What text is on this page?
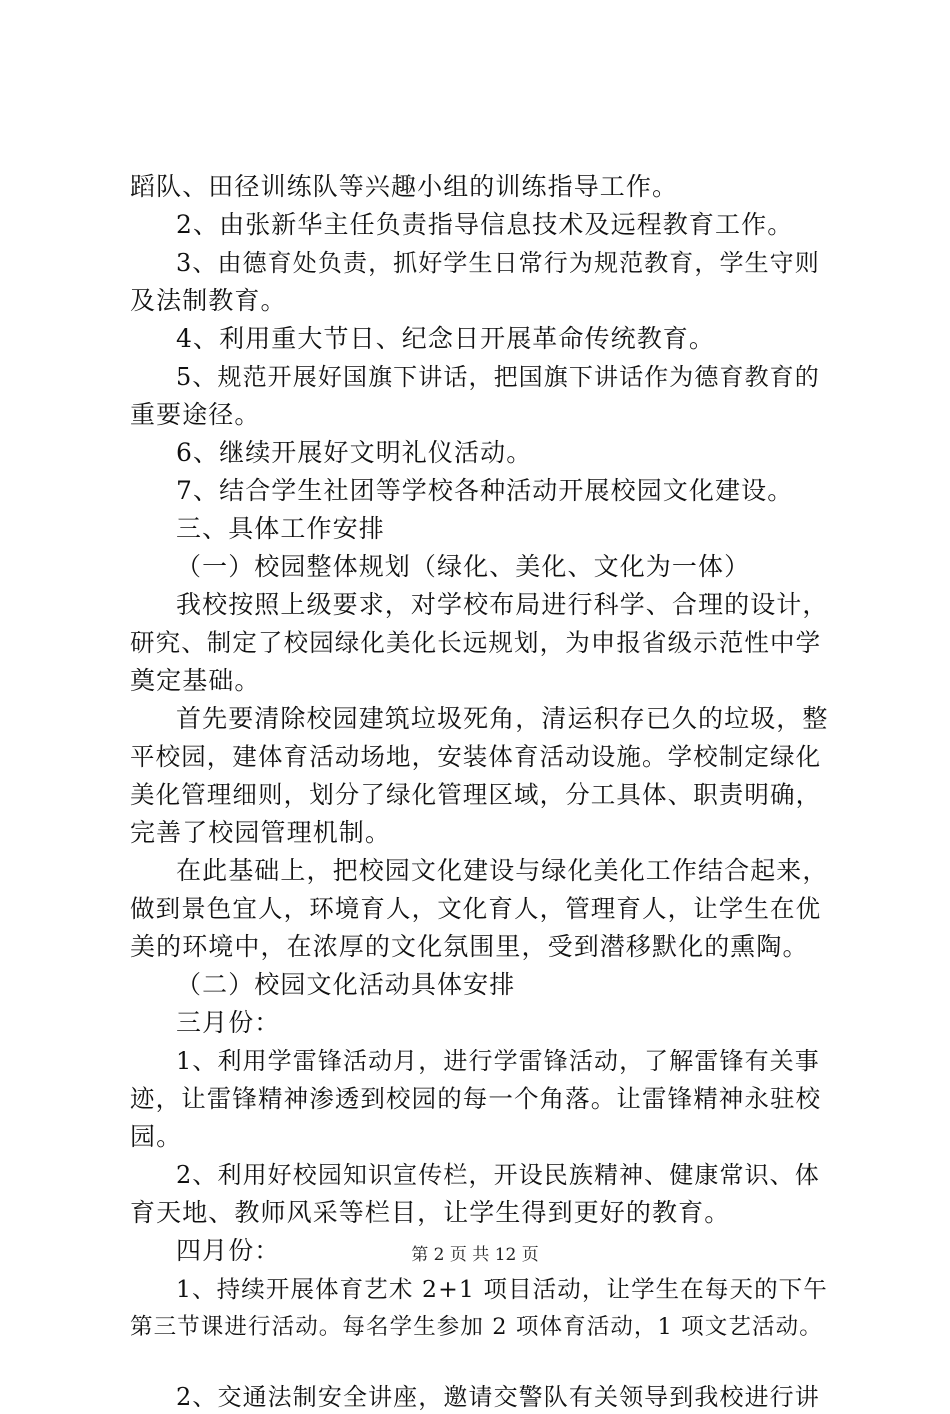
蹈队、田径训练队等兴趣小组的训练指导工作。
2、由张新华主任负责指导信息技术及远程教育工作。
3、由德育处负责，抓好学生日常行为规范教育，学生守则
及法制教育。
4、利用重大节日、纪念日开展革命传统教育。
5、规范开展好国旗下讲话，把国旗下讲话作为德育教育的
重要途径。
6、继续开展好文明礼仪活动。
7、结合学生社团等学校各种活动开展校园文化建设。
三、具体工作安排
（一）校园整体规划（绿化、美化、文化为一体）
我校按照上级要求，对学校布局进行科学、合理的设计，
研究、制定了校园绿化美化长远规划，为申报省级示范性中学
奠定基础。
首先要清除校园建筑垃圾死角，清运积存已久的垃圾，整
平校园，建体育活动场地，安装体育活动设施。学校制定绿化
美化管理细则，划分了绿化管理区域，分工具体、职责明确，
完善了校园管理机制。
在此基础上，把校园文化建设与绿化美化工作结合起来，
做到景色宜人，环境育人，文化育人，管理育人，让学生在优
美的环境中，在浓厚的文化氛围里，受到潜移默化的熏陶。
（二）校园文化活动具体安排
三月份：
1、利用学雷锋活动月，进行学雷锋活动，了解雷锋有关事
迹，让雷锋精神渗透到校园的每一个角落。让雷锋精神永驻校
园。
2、利用好校园知识宣传栏，开设民族精神、健康常识、体
育天地、教师风采等栏目，让学生得到更好的教育。
四月份：
1、持续开展体育艺术 2+1 项目活动，让学生在每天的下午
第三节课进行活动。每名学生参加 2 项体育活动，1 项文艺活动。
2、交通法制安全讲座，邀请交警队有关领导到我校进行讲
第 2 页 共 12 页
